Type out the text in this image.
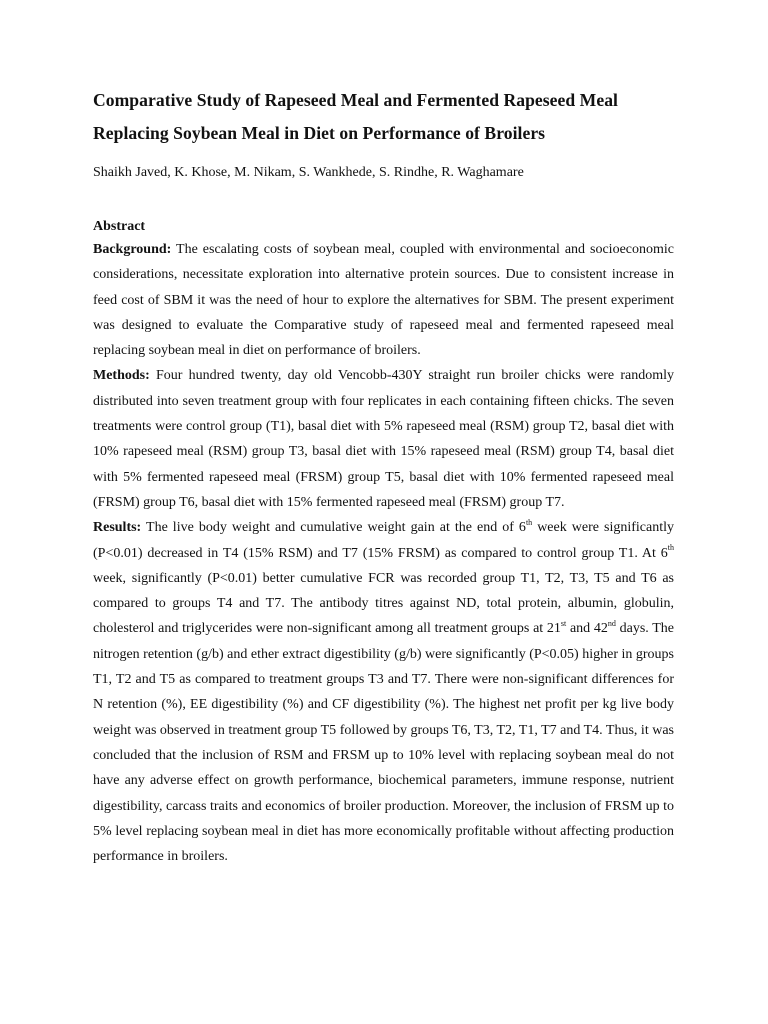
Comparative Study of Rapeseed Meal and Fermented Rapeseed Meal Replacing Soybean Meal in Diet on Performance of Broilers

Shaikh Javed, K. Khose, M. Nikam, S. Wankhede, S. Rindhe, R. Waghamare

Abstract

Background: The escalating costs of soybean meal, coupled with environmental and socioeconomic considerations, necessitate exploration into alternative protein sources. Due to consistent increase in feed cost of SBM it was the need of hour to explore the alternatives for SBM. The present experiment was designed to evaluate the Comparative study of rapeseed meal and fermented rapeseed meal replacing soybean meal in diet on performance of broilers.

Methods: Four hundred twenty, day old Vencobb-430Y straight run broiler chicks were randomly distributed into seven treatment group with four replicates in each containing fifteen chicks. The seven treatments were control group (T1), basal diet with 5% rapeseed meal (RSM) group T2, basal diet with 10% rapeseed meal (RSM) group T3, basal diet with 15% rapeseed meal (RSM) group T4, basal diet with 5% fermented rapeseed meal (FRSM) group T5, basal diet with 10% fermented rapeseed meal (FRSM) group T6, basal diet with 15% fermented rapeseed meal (FRSM) group T7.

Results: The live body weight and cumulative weight gain at the end of 6th week were significantly (P<0.01) decreased in T4 (15% RSM) and T7 (15% FRSM) as compared to control group T1. At 6th week, significantly (P<0.01) better cumulative FCR was recorded group T1, T2, T3, T5 and T6 as compared to groups T4 and T7. The antibody titres against ND, total protein, albumin, globulin, cholesterol and triglycerides were non-significant among all treatment groups at 21st and 42nd days. The nitrogen retention (g/b) and ether extract digestibility (g/b) were significantly (P<0.05) higher in groups T1, T2 and T5 as compared to treatment groups T3 and T7. There were non-significant differences for N retention (%), EE digestibility (%) and CF digestibility (%). The highest net profit per kg live body weight was observed in treatment group T5 followed by groups T6, T3, T2, T1, T7 and T4. Thus, it was concluded that the inclusion of RSM and FRSM up to 10% level with replacing soybean meal do not have any adverse effect on growth performance, biochemical parameters, immune response, nutrient digestibility, carcass traits and economics of broiler production. Moreover, the inclusion of FRSM up to 5% level replacing soybean meal in diet has more economically profitable without affecting production performance in broilers.
